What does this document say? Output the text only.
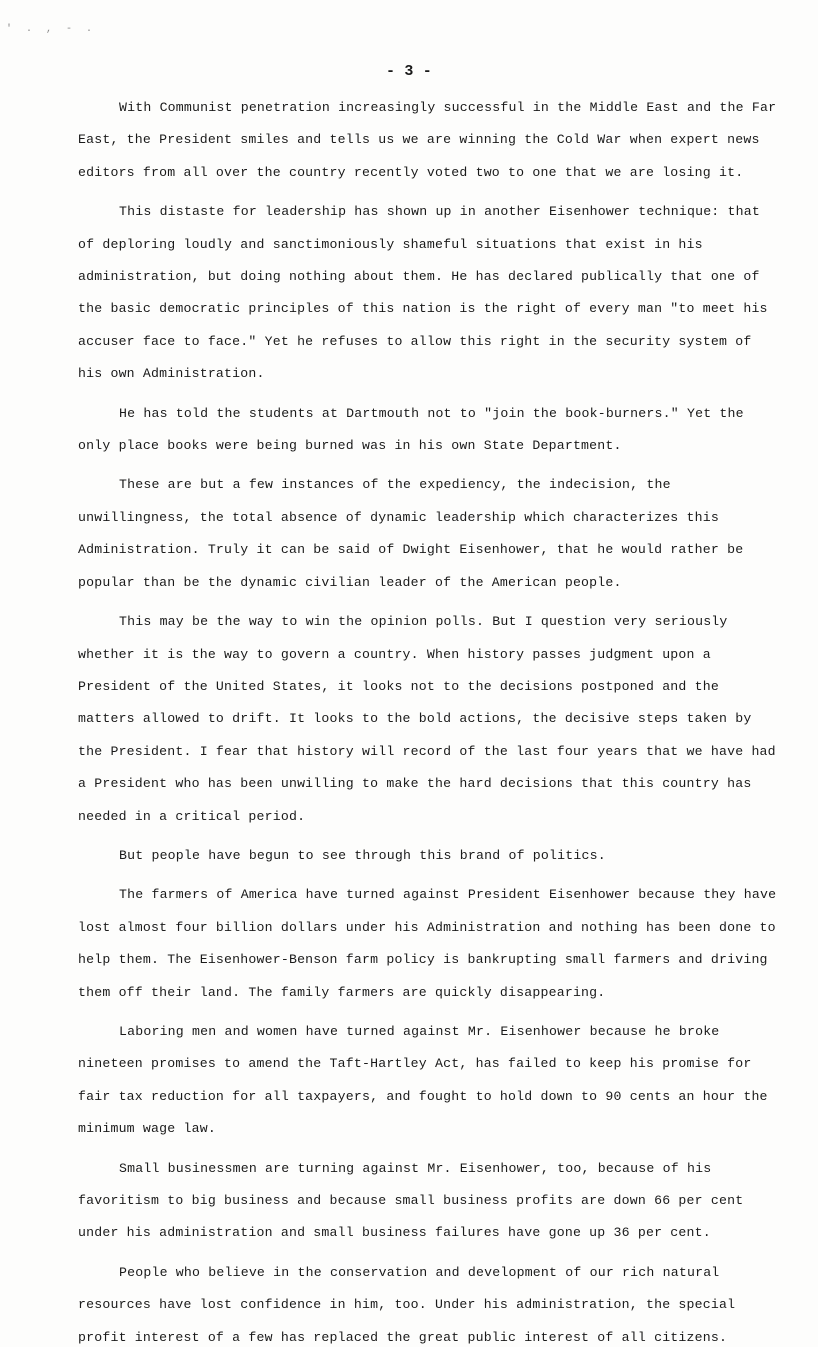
' . , - .
- 3 -

With Communist penetration increasingly successful in the Middle East and the Far East, the President smiles and tells us we are winning the Cold War when expert news editors from all over the country recently voted two to one that we are losing it.

This distaste for leadership has shown up in another Eisenhower technique: that of deploring loudly and sanctimoniously shameful situations that exist in his administration, but doing nothing about them. He has declared publically that one of the basic democratic principles of this nation is the right of every man "to meet his accuser face to face." Yet he refuses to allow this right in the security system of his own Administration.

He has told the students at Dartmouth not to "join the book-burners." Yet the only place books were being burned was in his own State Department.

These are but a few instances of the expediency, the indecision, the unwillingness, the total absence of dynamic leadership which characterizes this Administration. Truly it can be said of Dwight Eisenhower, that he would rather be popular than be the dynamic civilian leader of the American people.

This may be the way to win the opinion polls. But I question very seriously whether it is the way to govern a country. When history passes judgment upon a President of the United States, it looks not to the decisions postponed and the matters allowed to drift. It looks to the bold actions, the decisive steps taken by the President. I fear that history will record of the last four years that we have had a President who has been unwilling to make the hard decisions that this country has needed in a critical period.

But people have begun to see through this brand of politics.

The farmers of America have turned against President Eisenhower because they have lost almost four billion dollars under his Administration and nothing has been done to help them. The Eisenhower-Benson farm policy is bankrupting small farmers and driving them off their land. The family farmers are quickly disappearing.

Laboring men and women have turned against Mr. Eisenhower because he broke nineteen promises to amend the Taft-Hartley Act, has failed to keep his promise for fair tax reduction for all taxpayers, and fought to hold down to 90 cents an hour the minimum wage law.

Small businessmen are turning against Mr. Eisenhower, too, because of his favoritism to big business and because small business profits are down 66 per cent under his administration and small business failures have gone up 36 per cent.

People who believe in the conservation and development of our rich natural resources have lost confidence in him, too. Under his administration, the special profit interest of a few has replaced the great public interest of all citizens.
